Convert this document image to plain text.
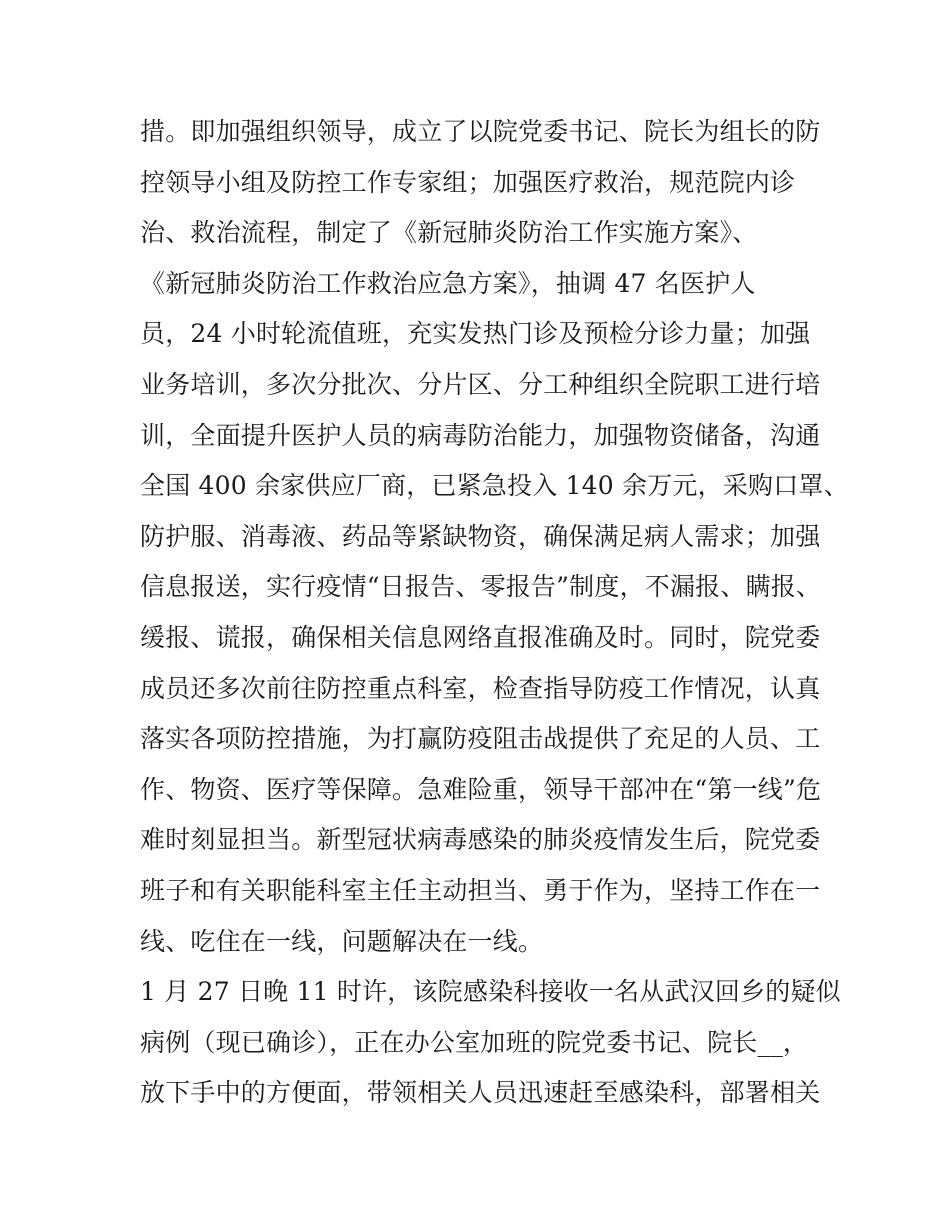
措。即加强组织领导，成立了以院党委书记、院长为组长的防
控领导小组及防控工作专家组；加强医疗救治，规范院内诊
治、救治流程，制定了《新冠肺炎防治工作实施方案》、
《新冠肺炎防治工作救治应急方案》，抽调 47 名医护人
员，24 小时轮流值班，充实发热门诊及预检分诊力量；加强
业务培训，多次分批次、分片区、分工种组织全院职工进行培
训，全面提升医护人员的病毒防治能力，加强物资储备，沟通
全国 400 余家供应厂商，已紧急投入 140 余万元，采购口罩、
防护服、消毒液、药品等紧缺物资，确保满足病人需求；加强
信息报送，实行疫情“日报告、零报告”制度，不漏报、瞒报、
缓报、谎报，确保相关信息网络直报准确及时。同时，院党委
成员还多次前往防控重点科室，检查指导防疫工作情况，认真
落实各项防控措施，为打赢防疫阻击战提供了充足的人员、工
作、物资、医疗等保障。急难险重，领导干部冲在“第一线”危
难时刻显担当。新型冠状病毒感染的肺炎疫情发生后，院党委
班子和有关职能科室主任主动担当、勇于作为，坚持工作在一
线、吃住在一线，问题解决在一线。
1 月 27 日晚 11 时许，该院感染科接收一名从武汉回乡的疑似
病例（现已确诊），正在办公室加班的院党委书记、院长__，
放下手中的方便面，带领相关人员迅速赶至感染科，部署相关
